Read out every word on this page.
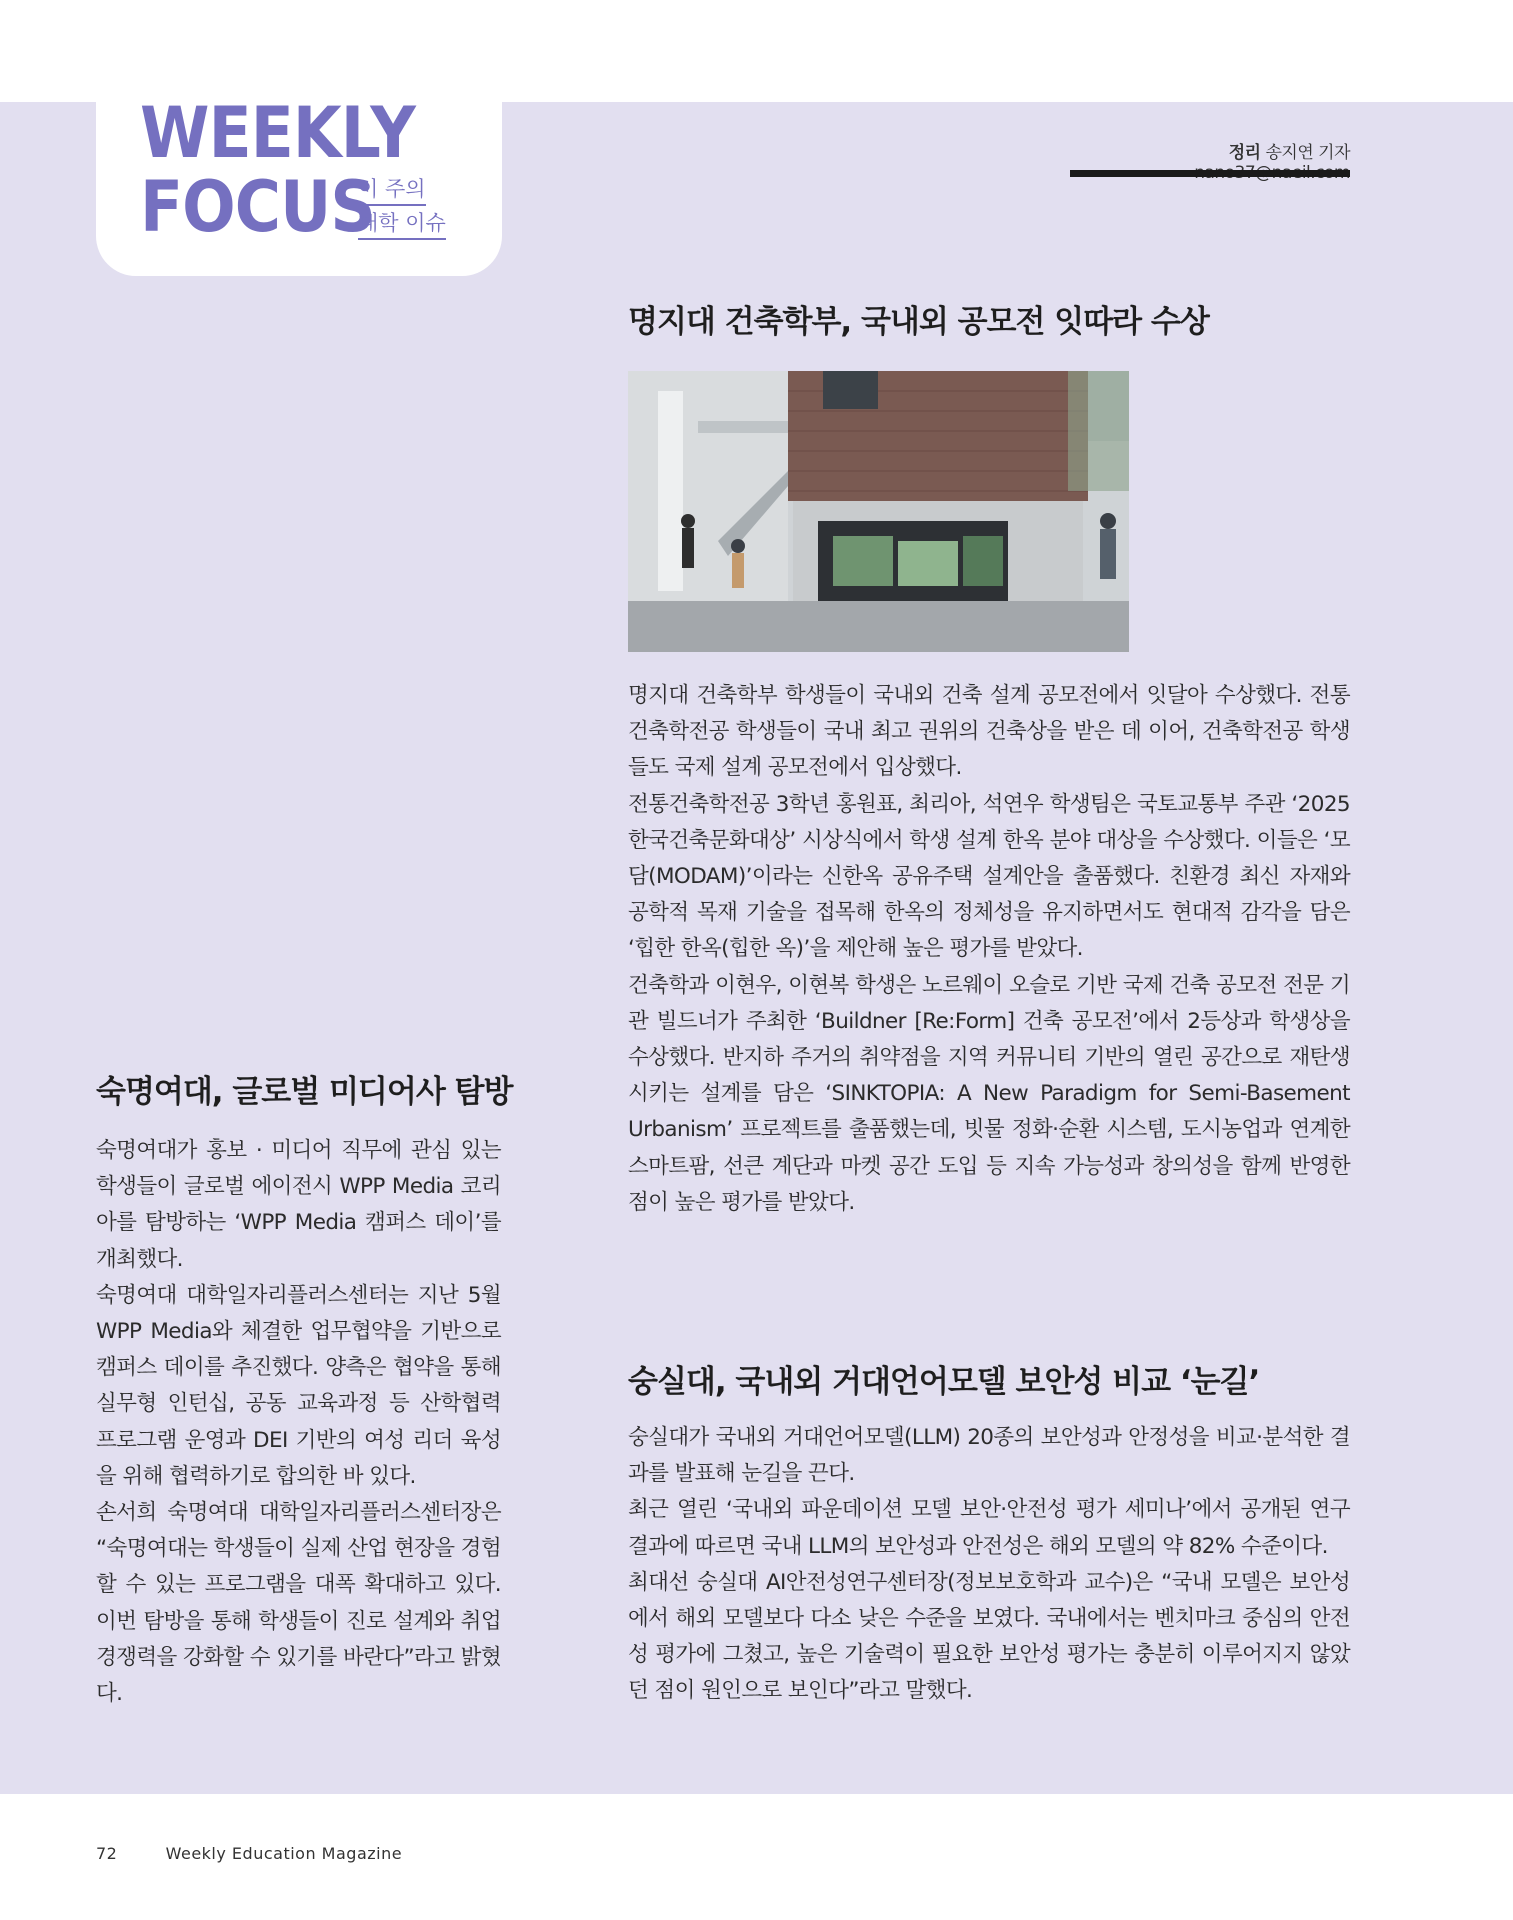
WEEKLY
FOCUS
이 주의
대학 이슈
정리 송지연 기자
명지대 건축학부, 국내외 공모전 잇따라 수상

명지대 건축학부 학생들이 국내외 건축 설계 공모전에서 잇달아 수상했다. 전통건축학전공 학생들이 국내 최고 권위의 건축상을 받은 데 이어, 건축학전공 학생들도 국제 설계 공모전에서 입상했다.

전통건축학전공 3학년 홍원표, 최리아, 석연우 학생팀은 국토교통부 주관 ‘2025 한국건축문화대상’ 시상식에서 학생 설계 한옥 분야 대상을 수상했다. 이들은 ‘모담(MODAM)’이라는 신한옥 공유주택 설계안을 출품했다. 친환경 최신 자재와 공학적 목재 기술을 접목해 한옥의 정체성을 유지하면서도 현대적 감각을 담은 ‘힙한 한옥(힙한 옥)’을 제안해 높은 평가를 받았다.

건축학과 이현우, 이현복 학생은 노르웨이 오슬로 기반 국제 건축 공모전 전문 기관 빌드너가 주최한 ‘Buildner [Re:Form] 건축 공모전’에서 2등상과 학생상을 수상했다. 반지하 주거의 취약점을 지역 커뮤니티 기반의 열린 공간으로 재탄생시키는 설계를 담은 ‘SINKTOPIA: A New Paradigm for Semi-Basement Urbanism’ 프로젝트를 출품했는데, 빗물 정화·순환 시스템, 도시농업과 연계한 스마트팜, 선큰 계단과 마켓 공간 도입 등 지속 가능성과 창의성을 함께 반영한 점이 높은 평가를 받았다.

숙명여대, 글로벌 미디어사 탐방

숙명여대가 홍보 · 미디어 직무에 관심 있는 학생들이 글로벌 에이전시 WPP Media 코리아를 탐방하는 ‘WPP Media 캠퍼스 데이’를 개최했다.

숙명여대 대학일자리플러스센터는 지난 5월 WPP Media와 체결한 업무협약을 기반으로 캠퍼스 데이를 추진했다. 양측은 협약을 통해 실무형 인턴십, 공동 교육과정 등 산학협력 프로그램 운영과 DEI 기반의 여성 리더 육성을 위해 협력하기로 합의한 바 있다.

손서희 숙명여대 대학일자리플러스센터장은 “숙명여대는 학생들이 실제 산업 현장을 경험할 수 있는 프로그램을 대폭 확대하고 있다. 이번 탐방을 통해 학생들이 진로 설계와 취업 경쟁력을 강화할 수 있기를 바란다”라고 밝혔다.

숭실대, 국내외 거대언어모델 보안성 비교 ‘눈길’

숭실대가 국내외 거대언어모델(LLM) 20종의 보안성과 안정성을 비교·분석한 결과를 발표해 눈길을 끈다.

최근 열린 ‘국내외 파운데이션 모델 보안·안전성 평가 세미나’에서 공개된 연구 결과에 따르면 국내 LLM의 보안성과 안전성은 해외 모델의 약 82% 수준이다.

최대선 숭실대 AI안전성연구센터장(정보보호학과 교수)은 “국내 모델은 보안성에서 해외 모델보다 다소 낮은 수준을 보였다. 국내에서는 벤치마크 중심의 안전성 평가에 그쳤고, 높은 기술력이 필요한 보안성 평가는 충분히 이루어지지 않았던 점이 원인으로 보인다”라고 말했다.

72	Weekly Education Magazine
